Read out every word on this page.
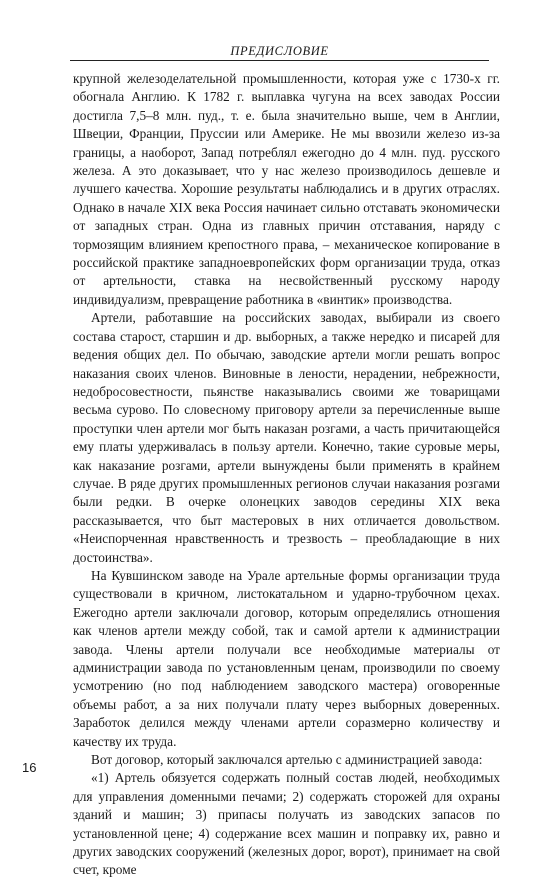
ПРЕДИСЛОВИЕ

крупной железоделательной промышленности, которая уже с 1730-х гг. обогнала Англию. К 1782 г. выплавка чугуна на всех заводах России достигла 7,5–8 млн. пуд., т. е. была значительно выше, чем в Англии, Швеции, Франции, Пруссии или Америке. Не мы ввозили железо из-за границы, а наоборот, Запад потреблял ежегодно до 4 млн. пуд. русского железа. А это доказывает, что у нас железо производилось дешевле и лучшего качества. Хорошие результаты наблюдались и в других отраслях. Однако в начале XIX века Россия начинает сильно отставать экономически от западных стран. Одна из главных причин отставания, наряду с тормозящим влиянием крепостного права, – механическое копирование в российской практике западноевропейских форм организации труда, отказ от артельности, ставка на несвойственный русскому народу индивидуализм, превращение работника в «винтик» производства.

Артели, работавшие на российских заводах, выбирали из своего состава старост, старшин и др. выборных, а также нередко и писарей для ведения общих дел. По обычаю, заводские артели могли решать вопрос наказания своих членов. Виновные в лености, нерадении, небрежности, недобросовестности, пьянстве наказывались своими же товарищами весьма сурово. По словесному приговору артели за перечисленные выше проступки член артели мог быть наказан розгами, а часть причитающейся ему платы удерживалась в пользу артели. Конечно, такие суровые меры, как наказание розгами, артели вынуждены были применять в крайнем случае. В ряде других промышленных регионов случаи наказания розгами были редки. В очерке олонецких заводов середины XIX века рассказывается, что быт мастеровых в них отличается довольством. «Неиспорченная нравственность и трезвость – преобладающие в них достоинства».

На Кувшинском заводе на Урале артельные формы организации труда существовали в кричном, листокатальном и ударно-трубочном цехах. Ежегодно артели заключали договор, которым определялись отношения как членов артели между собой, так и самой артели к администрации завода. Члены артели получали все необходимые материалы от администрации завода по установленным ценам, производили по своему усмотрению (но под наблюдением заводского мастера) оговоренные объемы работ, а за них получали плату через выборных доверенных. Заработок делился между членами артели соразмерно количеству и качеству их труда.

Вот договор, который заключался артелью с администрацией завода:

«1) Артель обязуется содержать полный состав людей, необходимых для управления доменными печами; 2) содержать сторожей для охраны зданий и машин; 3) припасы получать из заводских запасов по установленной цене; 4) содержание всех машин и поправку их, равно и других заводских сооружений (железных дорог, ворот), принимает на свой счет, кроме

16
